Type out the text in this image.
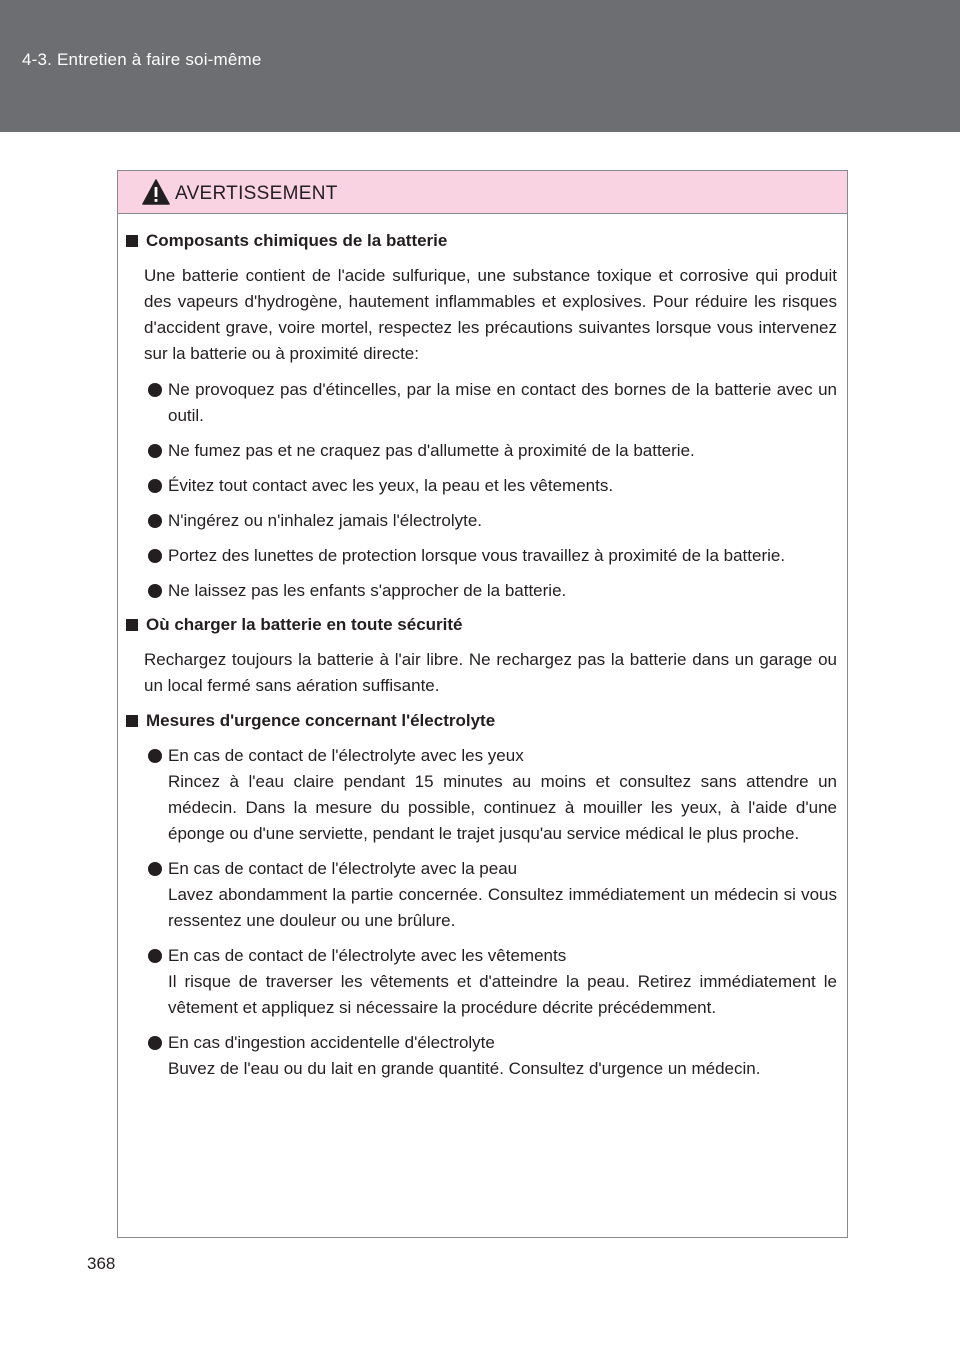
4-3. Entretien à faire soi-même
AVERTISSEMENT
Composants chimiques de la batterie

Une batterie contient de l'acide sulfurique, une substance toxique et corrosive qui produit des vapeurs d'hydrogène, hautement inflammables et explosives. Pour réduire les risques d'accident grave, voire mortel, respectez les précautions suivantes lorsque vous intervenez sur la batterie ou à proximité directe:

Ne provoquez pas d'étincelles, par la mise en contact des bornes de la batterie avec un outil.
Ne fumez pas et ne craquez pas d'allumette à proximité de la batterie.
Évitez tout contact avec les yeux, la peau et les vêtements.
N'ingérez ou n'inhalez jamais l'électrolyte.
Portez des lunettes de protection lorsque vous travaillez à proximité de la batterie.
Ne laissez pas les enfants s'approcher de la batterie.
Où charger la batterie en toute sécurité

Rechargez toujours la batterie à l'air libre. Ne rechargez pas la batterie dans un garage ou un local fermé sans aération suffisante.

Mesures d'urgence concernant l'électrolyte
En cas de contact de l'électrolyte avec les yeux
Rincez à l'eau claire pendant 15 minutes au moins et consultez sans attendre un médecin. Dans la mesure du possible, continuez à mouiller les yeux, à l'aide d'une éponge ou d'une serviette, pendant le trajet jusqu'au service médical le plus proche.
En cas de contact de l'électrolyte avec la peau
Lavez abondamment la partie concernée. Consultez immédiatement un médecin si vous ressentez une douleur ou une brûlure.
En cas de contact de l'électrolyte avec les vêtements
Il risque de traverser les vêtements et d'atteindre la peau. Retirez immédiatement le vêtement et appliquez si nécessaire la procédure décrite précédemment.
En cas d'ingestion accidentelle d'électrolyte
Buvez de l'eau ou du lait en grande quantité. Consultez d'urgence un médecin.
368
